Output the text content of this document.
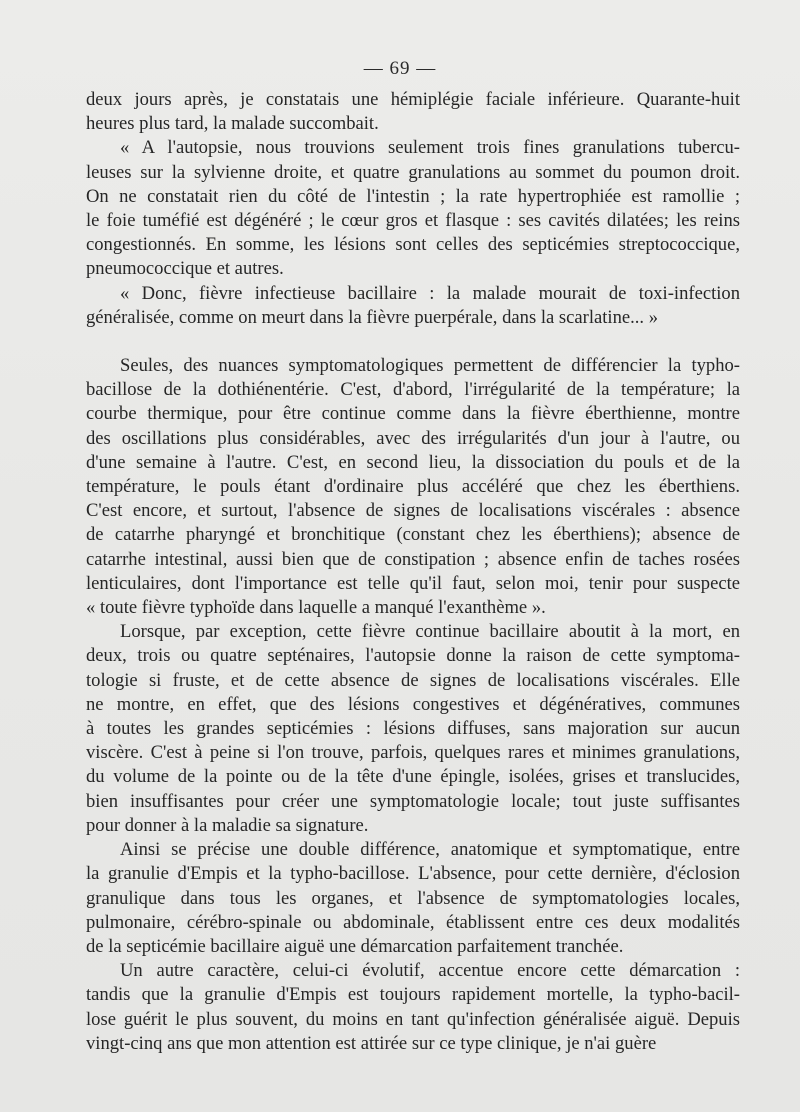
— 69 —

deux jours après, je constatais une hémiplégie faciale inférieure. Quarante-huit

heures plus tard, la malade succombait.

« A l'autopsie, nous trouvions seulement trois fines granulations tubercu-

leuses sur la sylvienne droite, et quatre granulations au sommet du poumon droit.

On ne constatait rien du côté de l'intestin ; la rate hypertrophiée est ramollie ;

le foie tuméfié est dégénéré ; le cœur gros et flasque : ses cavités dilatées; les reins

congestionnés. En somme, les lésions sont celles des septicémies streptococcique,

pneumococcique et autres.

« Donc, fièvre infectieuse bacillaire : la malade mourait de toxi-infection

généralisée, comme on meurt dans la fièvre puerpérale, dans la scarlatine... »

Seules, des nuances symptomatologiques permettent de différencier la typho-

bacillose de la dothiénentérie. C'est, d'abord, l'irrégularité de la température; la

courbe thermique, pour être continue comme dans la fièvre éberthienne, montre

des oscillations plus considérables, avec des irrégularités d'un jour à l'autre, ou

d'une semaine à l'autre. C'est, en second lieu, la dissociation du pouls et de la

température, le pouls étant d'ordinaire plus accéléré que chez les éberthiens.

C'est encore, et surtout, l'absence de signes de localisations viscérales : absence

de catarrhe pharyngé et bronchitique (constant chez les éberthiens); absence de

catarrhe intestinal, aussi bien que de constipation ; absence enfin de taches rosées

lenticulaires, dont l'importance est telle qu'il faut, selon moi, tenir pour suspecte

« toute fièvre typhoïde dans laquelle a manqué l'exanthème ».

Lorsque, par exception, cette fièvre continue bacillaire aboutit à la mort, en

deux, trois ou quatre septénaires, l'autopsie donne la raison de cette symptoma-

tologie si fruste, et de cette absence de signes de localisations viscérales. Elle

ne montre, en effet, que des lésions congestives et dégénératives, communes

à toutes les grandes septicémies : lésions diffuses, sans majoration sur aucun

viscère. C'est à peine si l'on trouve, parfois, quelques rares et minimes granulations,

du volume de la pointe ou de la tête d'une épingle, isolées, grises et translucides,

bien insuffisantes pour créer une symptomatologie locale; tout juste suffisantes

pour donner à la maladie sa signature.

Ainsi se précise une double différence, anatomique et symptomatique, entre

la granulie d'Empis et la typho-bacillose. L'absence, pour cette dernière, d'éclosion

granulique dans tous les organes, et l'absence de symptomatologies locales,

pulmonaire, cérébro-spinale ou abdominale, établissent entre ces deux modalités

de la septicémie bacillaire aiguë une démarcation parfaitement tranchée.

Un autre caractère, celui-ci évolutif, accentue encore cette démarcation :

tandis que la granulie d'Empis est toujours rapidement mortelle, la typho-bacil-

lose guérit le plus souvent, du moins en tant qu'infection généralisée aiguë. Depuis

vingt-cinq ans que mon attention est attirée sur ce type clinique, je n'ai guère
